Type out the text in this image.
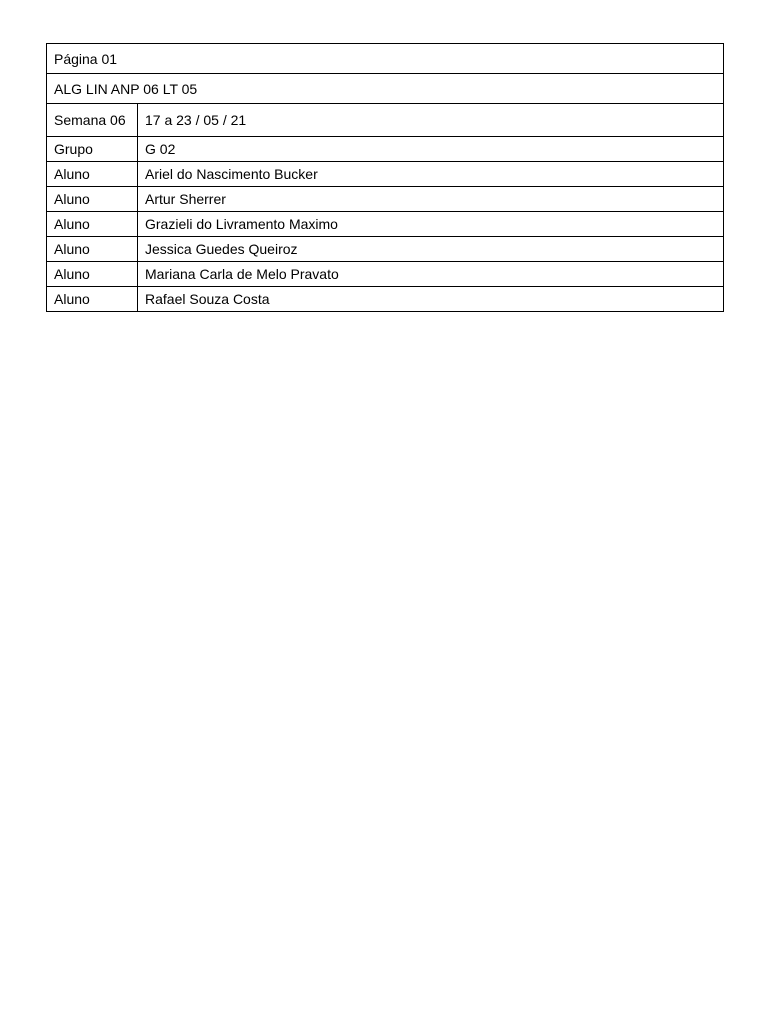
Página 01	
ALG LIN ANP 06 LT 05	
Semana 06	17 a 23 / 05 / 21
Grupo	G 02
Aluno	Ariel do Nascimento Bucker
Aluno	Artur Sherrer
Aluno	Grazieli do Livramento Maximo
Aluno	Jessica Guedes Queiroz
Aluno	Mariana Carla de Melo Pravato
Aluno	Rafael Souza Costa
